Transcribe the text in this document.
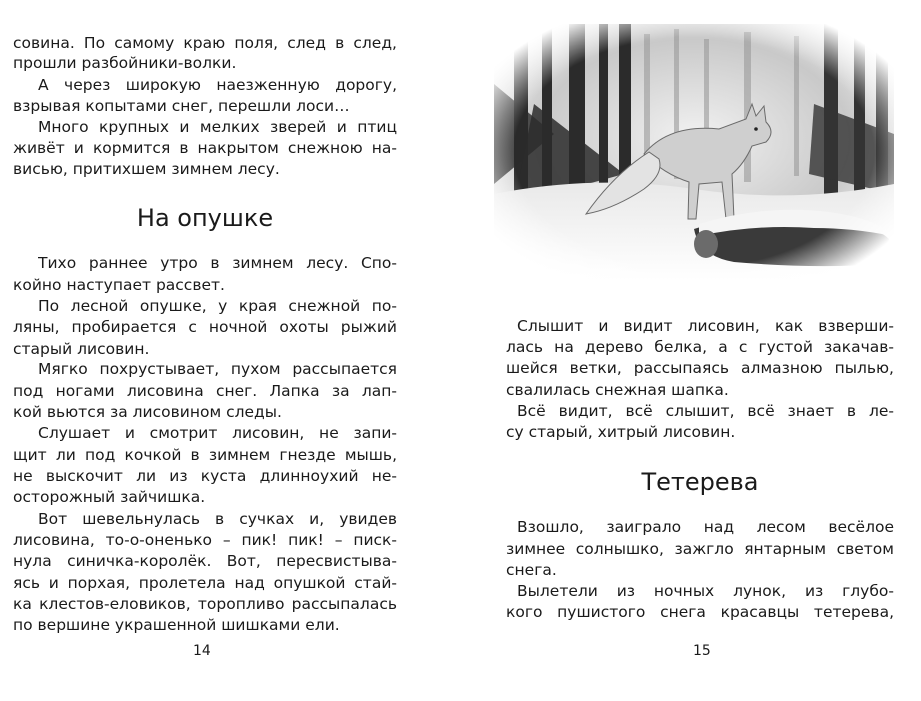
совина. По самому краю поля, след в след,
прошли разбойники-волки.
А через широкую наезженную дорогу,
взрывая копытами снег, перешли лоси…
Много крупных и мелких зверей и птиц
живёт и кормится в накрытом снежною на-
висью, притихшем зимнем лесу.
На опушке
Тихо раннее утро в зимнем лесу. Спо-
койно наступает рассвет.
По лесной опушке, у края снежной по-
ляны, пробирается с ночной охоты рыжий
старый лисовин.
Мягко похрустывает, пухом рассыпается
под ногами лисовина снег. Лапка за лап-
кой вьются за лисовином следы.
Слушает и смотрит лисовин, не запи-
щит ли под кочкой в зимнем гнезде мышь,
не выскочит ли из куста длинноухий не-
осторожный зайчишка.
Вот шевельнулась в сучках и, увидев
лисовина, то-о-оненько – пик! пик! – писк-
нула синичка-королёк. Вот, пересвистыва-
ясь и порхая, пролетела над опушкой стай-
ка клестов-еловиков, торопливо рассыпалась
по вершине украшенной шишками ели.
14
Слышит и видит лисовин, как взверши-
лась на дерево белка, а с густой закачав-
шейся ветки, рассыпаясь алмазною пылью,
свалилась снежная шапка.
Всё видит, всё слышит, всё знает в ле-
су старый, хитрый лисовин.
Тетерева
Взошло, заиграло над лесом весёлое
зимнее солнышко, зажгло янтарным светом
снега.
Вылетели из ночных лунок, из глубо-
кого пушистого снега красавцы тетерева,
15
